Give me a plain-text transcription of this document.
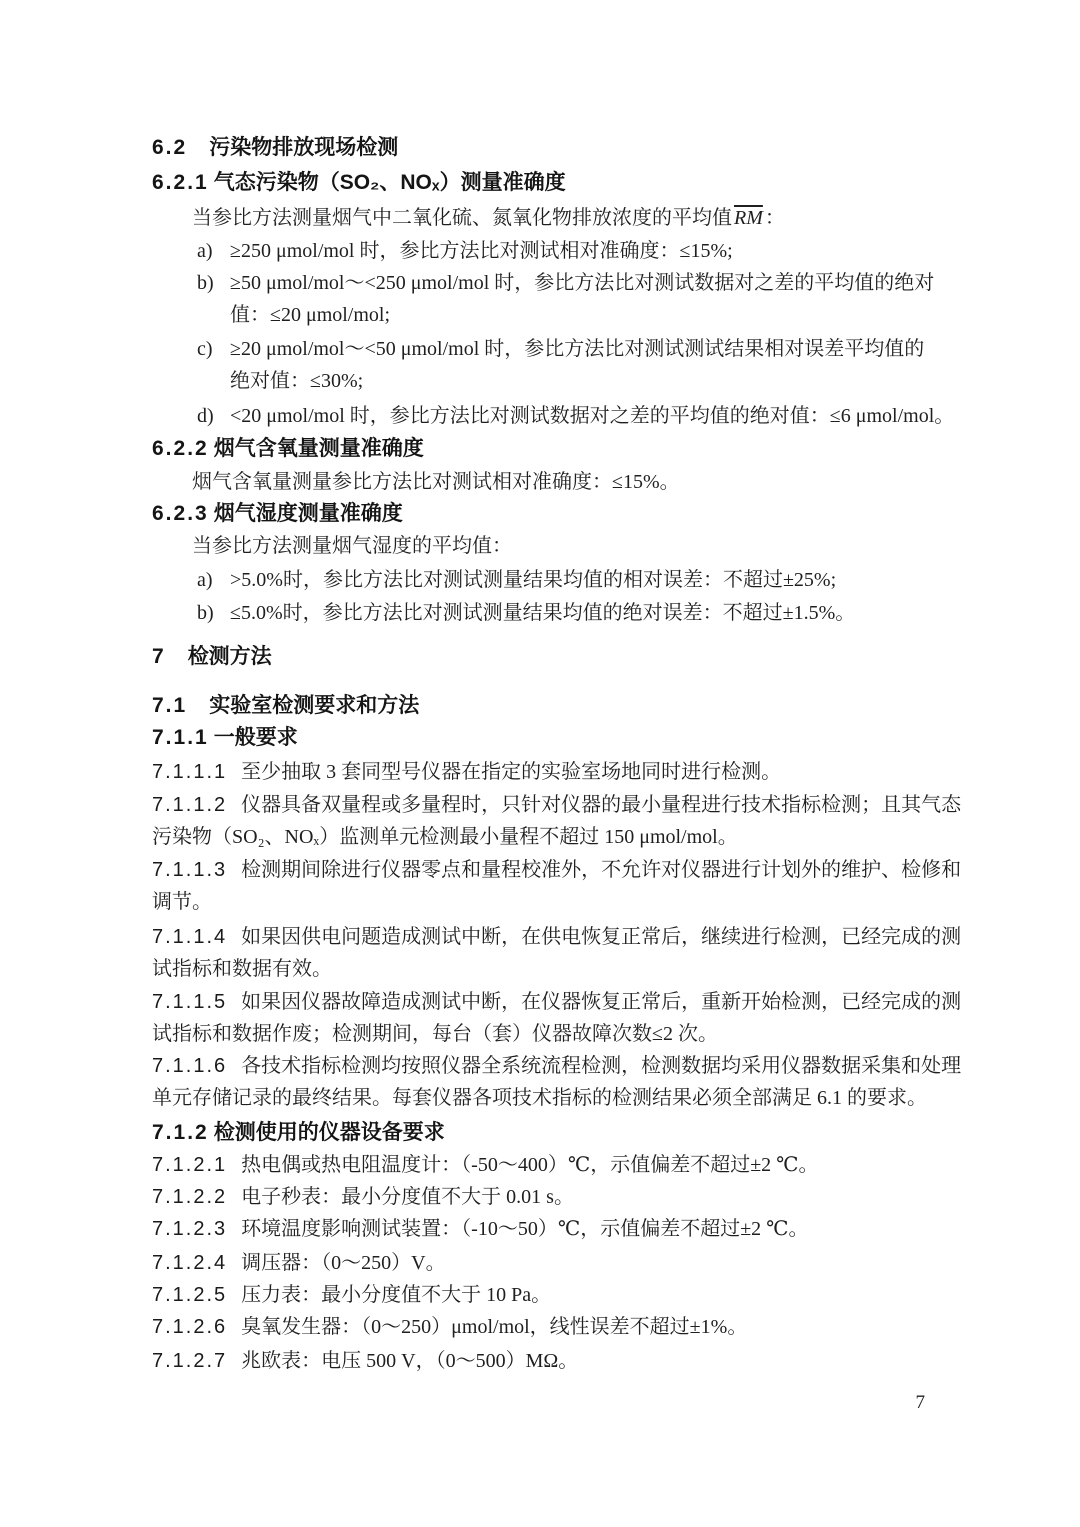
6.2 污染物排放现场检测
6.2.1 气态污染物（SO₂、NOₓ）测量准确度
当参比方法测量烟气中二氧化硫、氮氧化物排放浓度的平均值 $\overline{RM}$ ：
a) ≥250 μmol/mol 时，参比方法比对测试相对准确度：≤15%;
b) ≥50 μmol/mol～<250 μmol/mol 时，参比方法比对测试数据对之差的平均值的绝对
值：≤20 μmol/mol;
c) ≥20 μmol/mol～<50 μmol/mol 时，参比方法比对测试测试结果相对误差平均值的
绝对值：≤30%;
d) <20 μmol/mol 时，参比方法比对测试数据对之差的平均值的绝对值：≤6 μmol/mol。
6.2.2 烟气含氧量测量准确度
烟气含氧量测量参比方法比对测试相对准确度：≤15%。
6.2.3 烟气湿度测量准确度
当参比方法测量烟气湿度的平均值：
a) >5.0%时，参比方法比对测试测量结果均值的相对误差：不超过±25%;
b) ≤5.0%时，参比方法比对测试测量结果均值的绝对误差：不超过±1.5%。
7 检测方法
7.1 实验室检测要求和方法
7.1.1 一般要求
7.1.1.1 至少抽取 3 套同型号仪器在指定的实验室场地同时进行检测。
7.1.1.2 仪器具备双量程或多量程时，只针对仪器的最小量程进行技术指标检测；且其气态
污染物（SO₂、NOₓ）监测单元检测最小量程不超过 150 μmol/mol。
7.1.1.3 检测期间除进行仪器零点和量程校准外，不允许对仪器进行计划外的维护、检修和
调节。
7.1.1.4 如果因供电问题造成测试中断，在供电恢复正常后，继续进行检测，已经完成的测
试指标和数据有效。
7.1.1.5 如果因仪器故障造成测试中断，在仪器恢复正常后，重新开始检测，已经完成的测
试指标和数据作废；检测期间，每台（套）仪器故障次数≤2 次。
7.1.1.6 各技术指标检测均按照仪器全系统流程检测，检测数据均采用仪器数据采集和处理
单元存储记录的最终结果。每套仪器各项技术指标的检测结果必须全部满足 6.1 的要求。
7.1.2 检测使用的仪器设备要求
7.1.2.1 热电偶或热电阻温度计：（-50～400）℃，示值偏差不超过±2 ℃。
7.1.2.2 电子秒表：最小分度值不大于 0.01 s。
7.1.2.3 环境温度影响测试装置：（-10～50）℃，示值偏差不超过±2 ℃。
7.1.2.4 调压器：（0～250）V。
7.1.2.5 压力表：最小分度值不大于 10 Pa。
7.1.2.6 臭氧发生器：（0～250）μmol/mol，线性误差不超过±1%。
7.1.2.7 兆欧表：电压 500 V，（0～500）MΩ。
7
